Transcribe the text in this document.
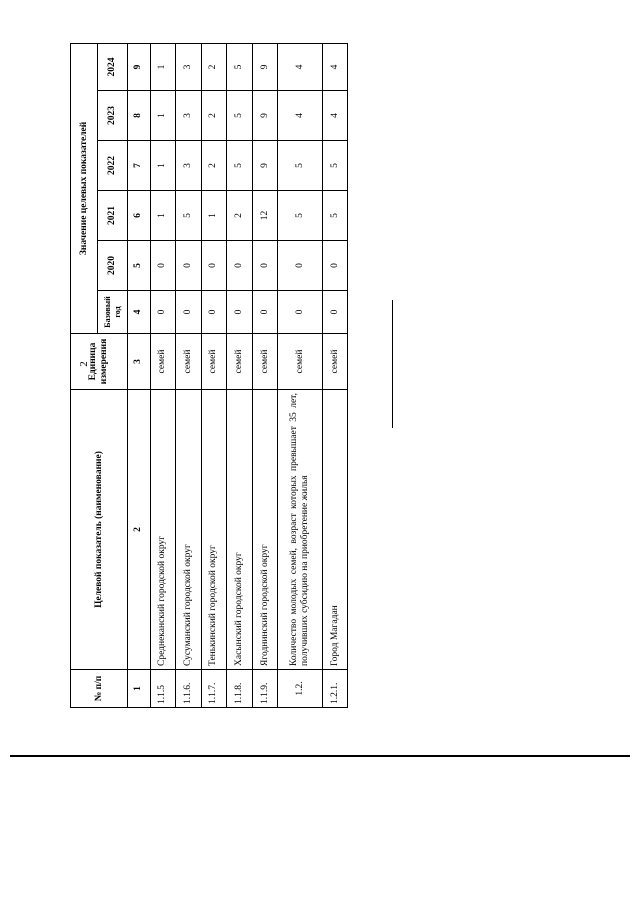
2
№ п/п	Целевой показатель (наименование)	Единица измерения	Значение целевых показателей					
			Базовый год	2020	2021	2022	2023	2024
1	2	3	4	5	6	7	8	9
1.1.5	Среднеканский городской округ	семей	0	0	1	1	1	1
1.1.6.	Сусуманский городской округ	семей	0	0	5	3	3	3
1.1.7.	Тенькинский городской округ	семей	0	0	1	2	2	2
1.1.8.	Хасынский городской округ	семей	0	0	2	5	5	5
1.1.9.	Ягоднинский городской округ	семей	0	0	12	9	9	9
1.2.	Количество молодых семей, возраст которых превышает 35 лет, получивших субсидию на приобретение жилья	семей	0	0	5	5	4	4
1.2.1.	Город Магадан	семей	0	0	5	5	4	4
